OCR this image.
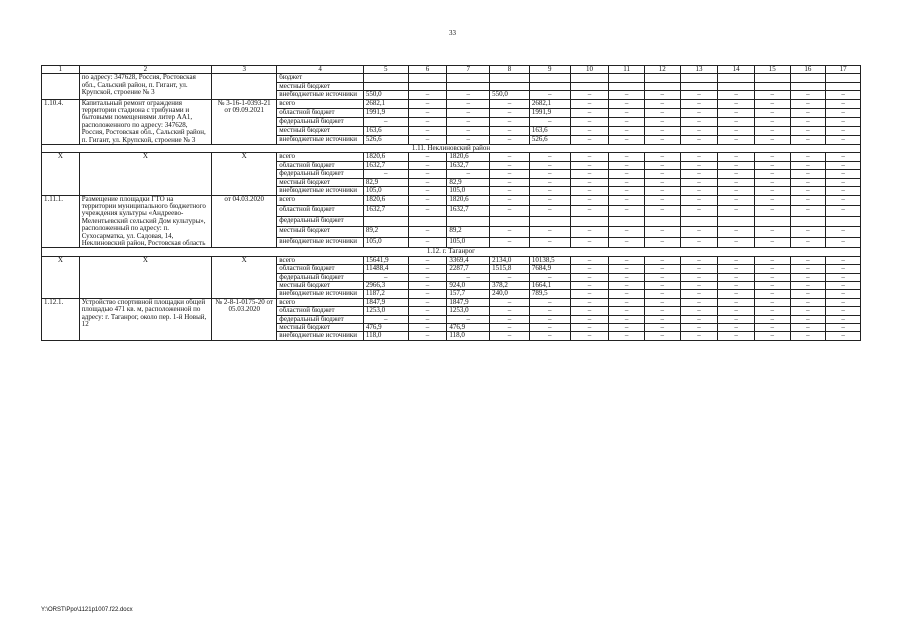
33
1	2	3	4	5	6	7	8	9	10	11	12	13	14	15	16	17
	по адресу: 347628, Россия, Ростовская обл., Сальский район, п. Гигант, ул. Крупской, строение № 3		бюджет													
			местный бюджет													
			внебюджетные источники	550,0	–	–	550,0	–	–	–	–	–	–	–	–	–
1.10.4.	Капитальный ремонт ограждения территории стадиона с трибунами и бытовыми помещениями литер АА1, расположенного по адресу: 347628, Россия, Ростовская обл., Сальский район, п. Гигант, ул. Крупской, строение № 3	№ 3-16-1-0393-21 от 09.09.2021	всего	2682,1	–	–	–	2682,1	–	–	–	–	–	–	–	–
			областной бюджет	1991,9	–	–	–	1991,9	–	–	–	–	–	–	–	–
			федеральный бюджет	–	–	–	–	–	–	–	–	–	–	–	–	–
			местный бюджет	163,6	–	–	–	163,6	–	–	–	–	–	–	–	–
			внебюджетные источники	526,6	–	–	–	526,6	–	–	–	–	–	–	–	–
1.11. Неклиновский район																
Х	Х	Х	всего	1820,6	–	1820,6	–	–	–	–	–	–	–	–	–	–
			областной бюджет	1632,7	–	1632,7	–	–	–	–	–	–	–	–	–	–
			федеральный бюджет	–	–	–	–	–	–	–	–	–	–	–	–	–
			местный бюджет	82,9	–	82,9	–	–	–	–	–	–	–	–	–	–
			внебюджетные источники	105,0	–	105,0	–	–	–	–	–	–	–	–	–	–
1.11.1.	Размещение площадки ГТО на территории муниципального бюджетного учреждения культуры «Андреево-Мелентьевский сельский Дом культуры», расположенный по адресу: п. Сухосарматка, ул. Садовая, 14, Неклиновский район, Ростовская область	от 04.03.2020	всего	1820,6	–	1820,6	–	–	–	–	–	–	–	–	–	–
			областной бюджет	1632,7	–	1632,7	–	–	–	–	–	–	–	–	–	–
			федеральный бюджет													
			местный бюджет	89,2	–	89,2	–	–	–	–	–	–	–	–	–	–
			внебюджетные источники	105,0	–	105,0	–	–	–	–	–	–	–	–	–	–
1.12. г. Таганрог																
Х	Х	Х	всего	15641,9	–	3369,4	2134,0	10138,5	–	–	–	–	–	–	–	–
			областной бюджет	11488,4	–	2287,7	1515,8	7684,9	–	–	–	–	–	–	–	–
			федеральный бюджет	–	–	–	–	–	–	–	–	–	–	–	–	–
			местный бюджет	2966,3	–	924,0	378,2	1664,1	–	–	–	–	–	–	–	–
			внебюджетные источники	1187,2	–	157,7	240,0	789,5	–	–	–	–	–	–	–	–
1.12.1.	Устройство спортивной площадки общей площадью 471 кв. м, расположенной по адресу: г. Таганрог, около пер. 1-й Новый, 12	№ 2-8-1-0175-20 от 05.03.2020	всего	1847,9	–	1847,9	–	–	–	–	–	–	–	–	–	–
			областной бюджет	1253,0	–	1253,0	–	–	–	–	–	–	–	–	–	–
			федеральный бюджет	–	–	–	–	–	–	–	–	–	–	–	–	–
			местный бюджет	476,9	–	476,9	–	–	–	–	–	–	–	–	–	–
			внебюджетные источники	118,0	–	118,0	–	–	–	–	–	–	–	–	–	–
Y:\ORST\Ppo\1121p1007.f22.docx
